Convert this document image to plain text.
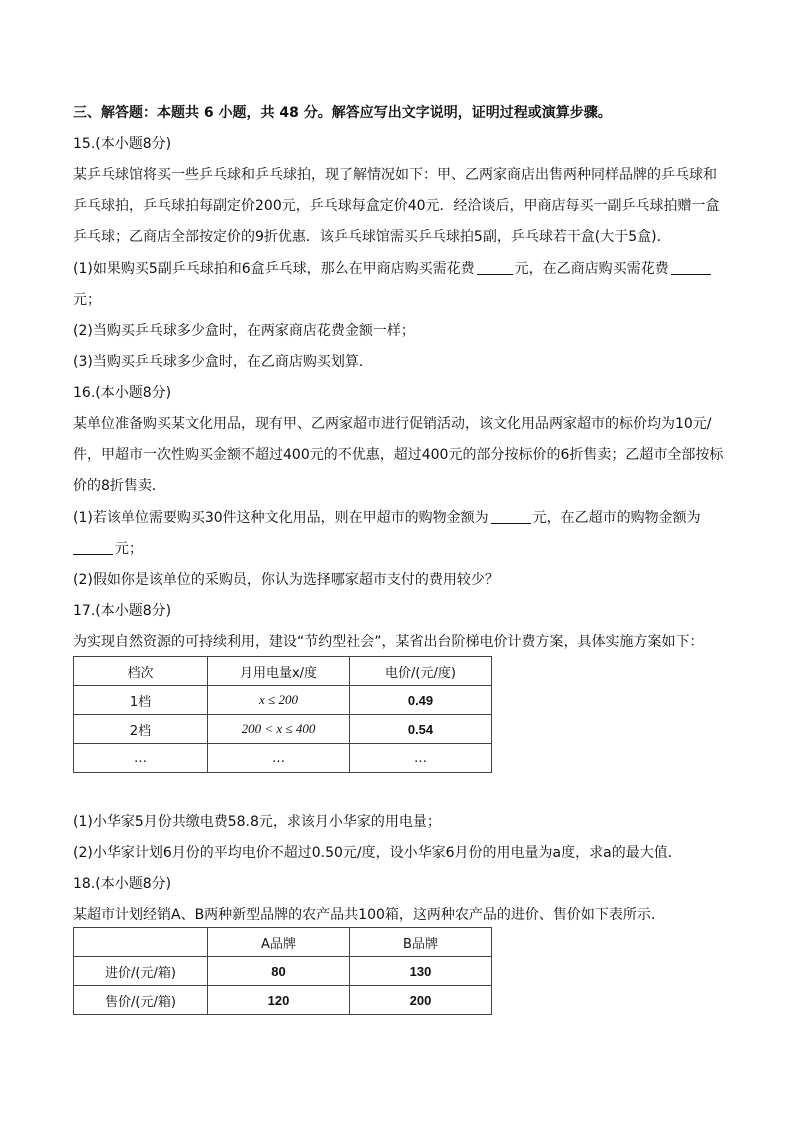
三、解答题：本题共 6 小题，共 48 分。解答应写出文字说明，证明过程或演算步骤。
15.(本小题8分)
某乒乓球馆将买一些乒乓球和乒乓球拍，现了解情况如下：甲、乙两家商店出售两种同样品牌的乒乓球和
乒乓球拍，乒乓球拍每副定价200元，乒乓球每盒定价40元．经洽谈后，甲商店每买一副乒乓球拍赠一盒
乒乓球；乙商店全部按定价的9折优惠．该乒乓球馆需买乒乓球拍5副，乒乓球若干盒(大于5盒)．
(1)如果购买5副乒乓球拍和6盒乒乓球，那么在甲商店购买需花费	元，在乙商店购买需花费
元；
(2)当购买乒乓球多少盒时，在两家商店花费金额一样；
(3)当购买乒乓球多少盒时，在乙商店购买划算．
16.(本小题8分)
某单位准备购买某文化用品，现有甲、乙两家超市进行促销活动，该文化用品两家超市的标价均为10元/
件，甲超市一次性购买金额不超过400元的不优惠，超过400元的部分按标价的6折售卖；乙超市全部按标
价的8折售卖．
(1)若该单位需要购买30件这种文化用品，则在甲超市的购物金额为	元，在乙超市的购物金额为
元；
(2)假如你是该单位的采购员，你认为选择哪家超市支付的费用较少？
17.(本小题8分)
为实现自然资源的可持续利用，建设“节约型社会”，某省出台阶梯电价计费方案，具体实施方案如下：
档次	月用电量x/度	电价/(元/度)
1档	x ≤ 200	0.49
2档	200 < x ≤ 400	0.54
…	…	…
(1)小华家5月份共缴电费58.8元，求该月小华家的用电量；
(2)小华家计划6月份的平均电价不超过0.50元/度，设小华家6月份的用电量为a度，求a的最大值．
18.(本小题8分)
某超市计划经销A、B两种新型品牌的农产品共100箱，这两种农产品的进价、售价如下表所示．
	A品牌	B品牌
进价/(元/箱)	80	130
售价/(元/箱)	120	200
